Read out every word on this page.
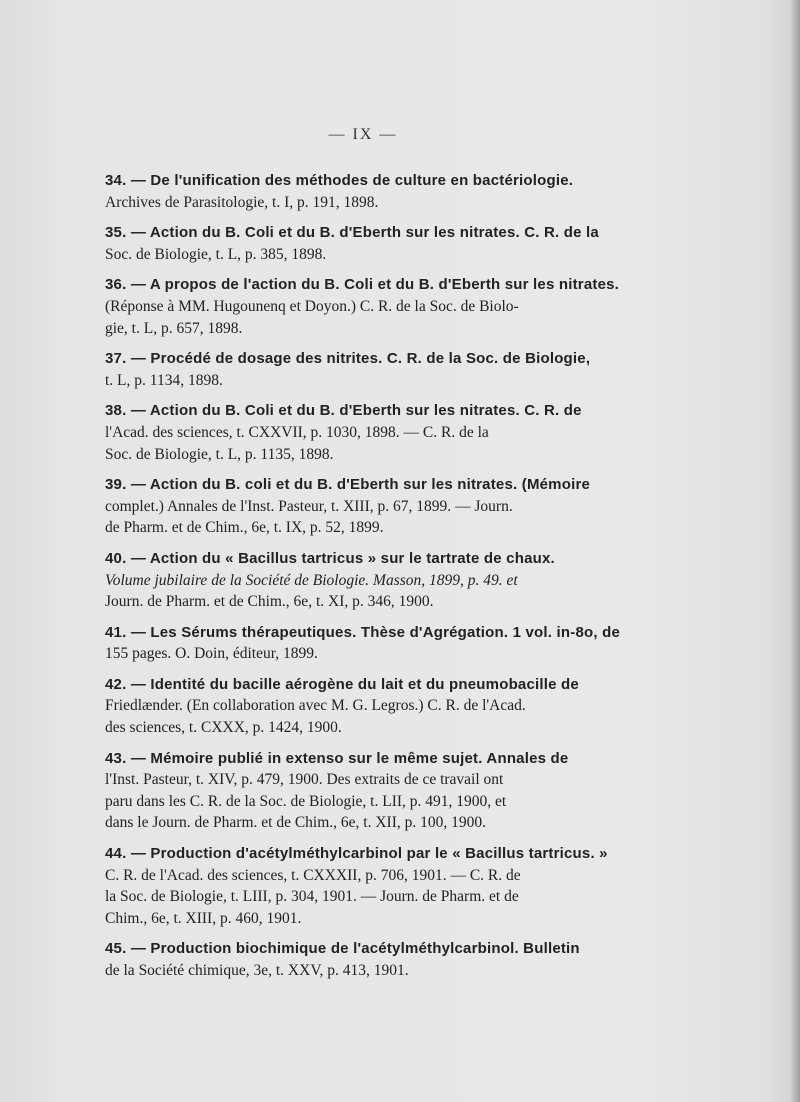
— IX —
34. — De l'unification des méthodes de culture en bactériologie.
Archives de Parasitologie, t. I, p. 191, 1898.
35. — Action du B. Coli et du B. d'Eberth sur les nitrates. C. R. de la
Soc. de Biologie, t. L, p. 385, 1898.
36. — A propos de l'action du B. Coli et du B. d'Eberth sur les nitrates.
(Réponse à MM. Hugounenq et Doyon.) C. R. de la Soc. de Biolo-
gie, t. L, p. 657, 1898.
37. — Procédé de dosage des nitrites. C. R. de la Soc. de Biologie,
t. L, p. 1134, 1898.
38. — Action du B. Coli et du B. d'Eberth sur les nitrates. C. R. de
l'Acad. des sciences, t. CXXVII, p. 1030, 1898. — C. R. de la
Soc. de Biologie, t. L, p. 1135, 1898.
39. — Action du B. coli et du B. d'Eberth sur les nitrates. (Mémoire
complet.) Annales de l'Inst. Pasteur, t. XIII, p. 67, 1899. — Journ.
de Pharm. et de Chim., 6e, t. IX, p. 52, 1899.
40. — Action du « Bacillus tartricus » sur le tartrate de chaux.
Volume jubilaire de la Société de Biologie. Masson, 1899, p. 49. et
Journ. de Pharm. et de Chim., 6e, t. XI, p. 346, 1900.
41. — Les Sérums thérapeutiques. Thèse d'Agrégation. 1 vol. in-8o, de
155 pages. O. Doin, éditeur, 1899.
42. — Identité du bacille aérogène du lait et du pneumobacille de
Friedlænder. (En collaboration avec M. G. Legros.) C. R. de l'Acad.
des sciences, t. CXXX, p. 1424, 1900.
43. — Mémoire publié in extenso sur le même sujet. Annales de
l'Inst. Pasteur, t. XIV, p. 479, 1900. Des extraits de ce travail ont
paru dans les C. R. de la Soc. de Biologie, t. LII, p. 491, 1900, et
dans le Journ. de Pharm. et de Chim., 6e, t. XII, p. 100, 1900.
44. — Production d'acétylméthylcarbinol par le « Bacillus tartricus. »
C. R. de l'Acad. des sciences, t. CXXXII, p. 706, 1901. — C. R. de
la Soc. de Biologie, t. LIII, p. 304, 1901. — Journ. de Pharm. et de
Chim., 6e, t. XIII, p. 460, 1901.
45. — Production biochimique de l'acétylméthylcarbinol. Bulletin
de la Société chimique, 3e, t. XXV, p. 413, 1901.
